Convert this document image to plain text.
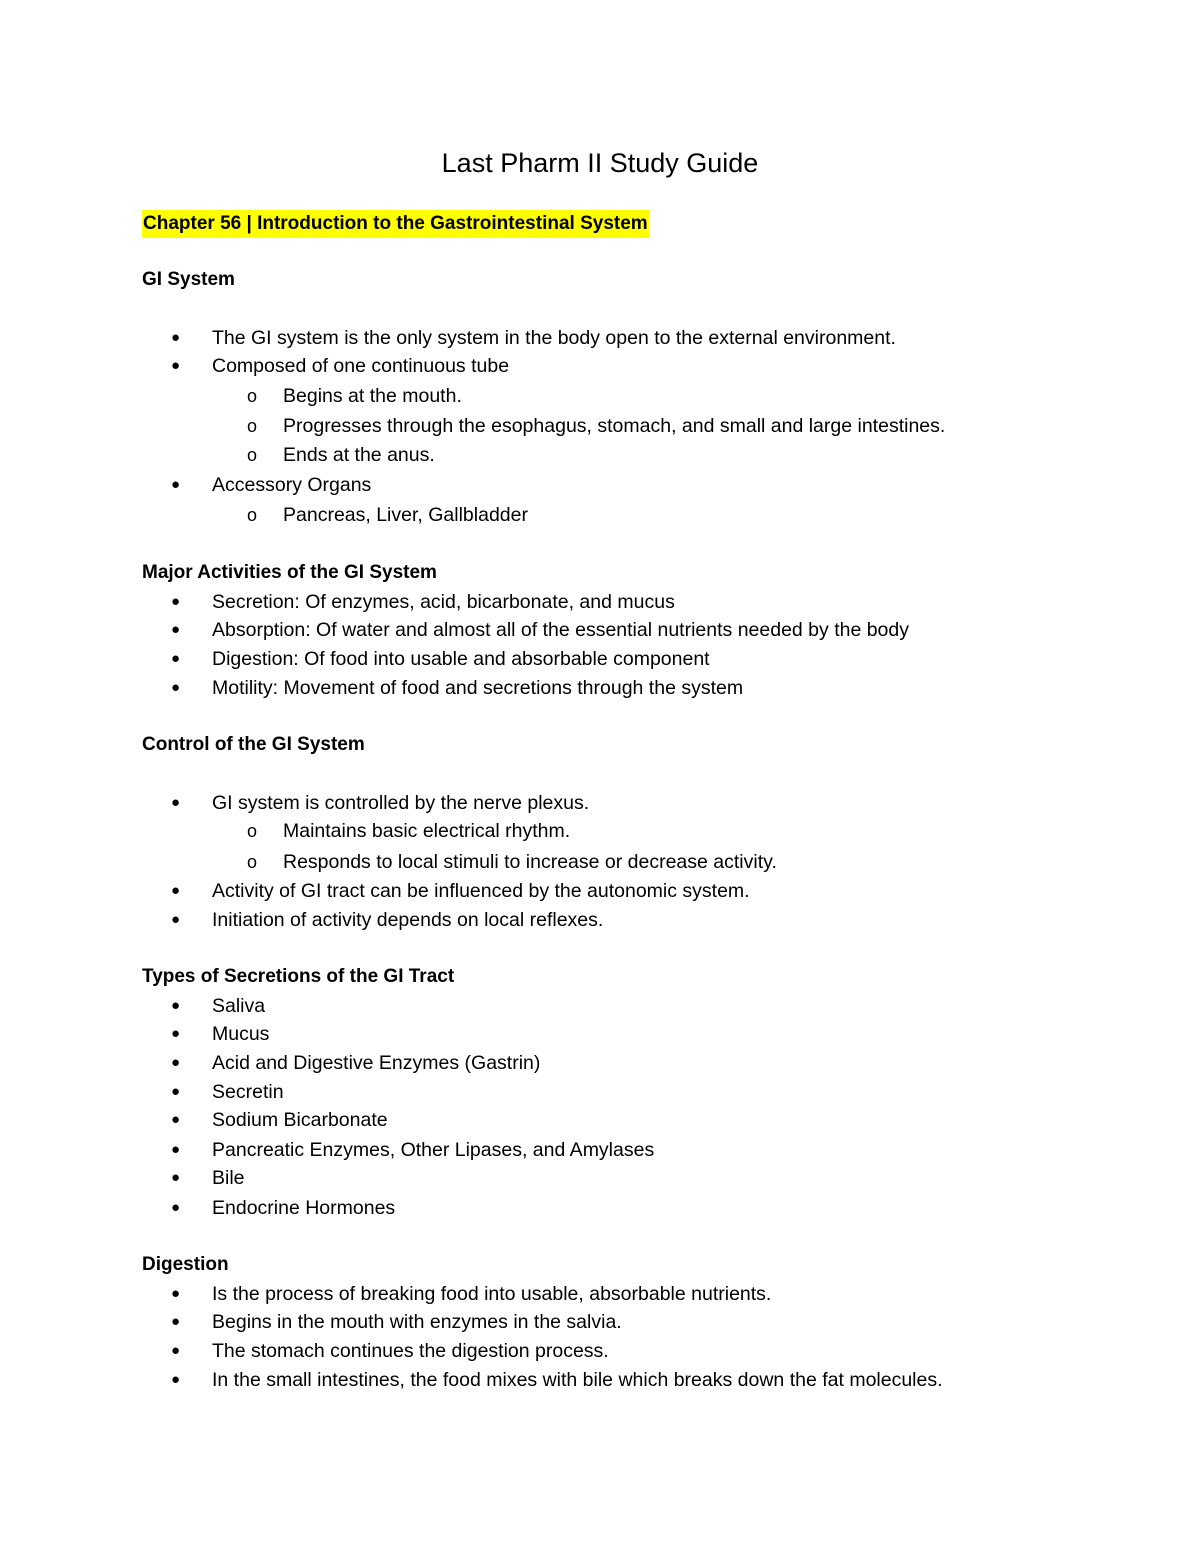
Last Pharm II Study Guide
Chapter 56 | Introduction to the Gastrointestinal System
GI System
●	The GI system is the only system in the body open to the external environment.
●	Composed of one continuous tube
o	Begins at the mouth.
o	Progresses through the esophagus, stomach, and small and large intestines.
o	Ends at the anus.
●	Accessory Organs
o	Pancreas, Liver, Gallbladder
Major Activities of the GI System
●	Secretion: Of enzymes, acid, bicarbonate, and mucus
●	Absorption: Of water and almost all of the essential nutrients needed by the body
●	Digestion: Of food into usable and absorbable component
●	Motility: Movement of food and secretions through the system
Control of the GI System
●	GI system is controlled by the nerve plexus.
o	Maintains basic electrical rhythm.
o	Responds to local stimuli to increase or decrease activity.
●	Activity of GI tract can be influenced by the autonomic system.
●	Initiation of activity depends on local reflexes.
Types of Secretions of the GI Tract
●	Saliva
●	Mucus
●	Acid and Digestive Enzymes (Gastrin)
●	Secretin
●	Sodium Bicarbonate
●	Pancreatic Enzymes, Other Lipases, and Amylases
●	Bile
●	Endocrine Hormones
Digestion
●	Is the process of breaking food into usable, absorbable nutrients.
●	Begins in the mouth with enzymes in the salvia.
●	The stomach continues the digestion process.
●	In the small intestines, the food mixes with bile which breaks down the fat molecules.
